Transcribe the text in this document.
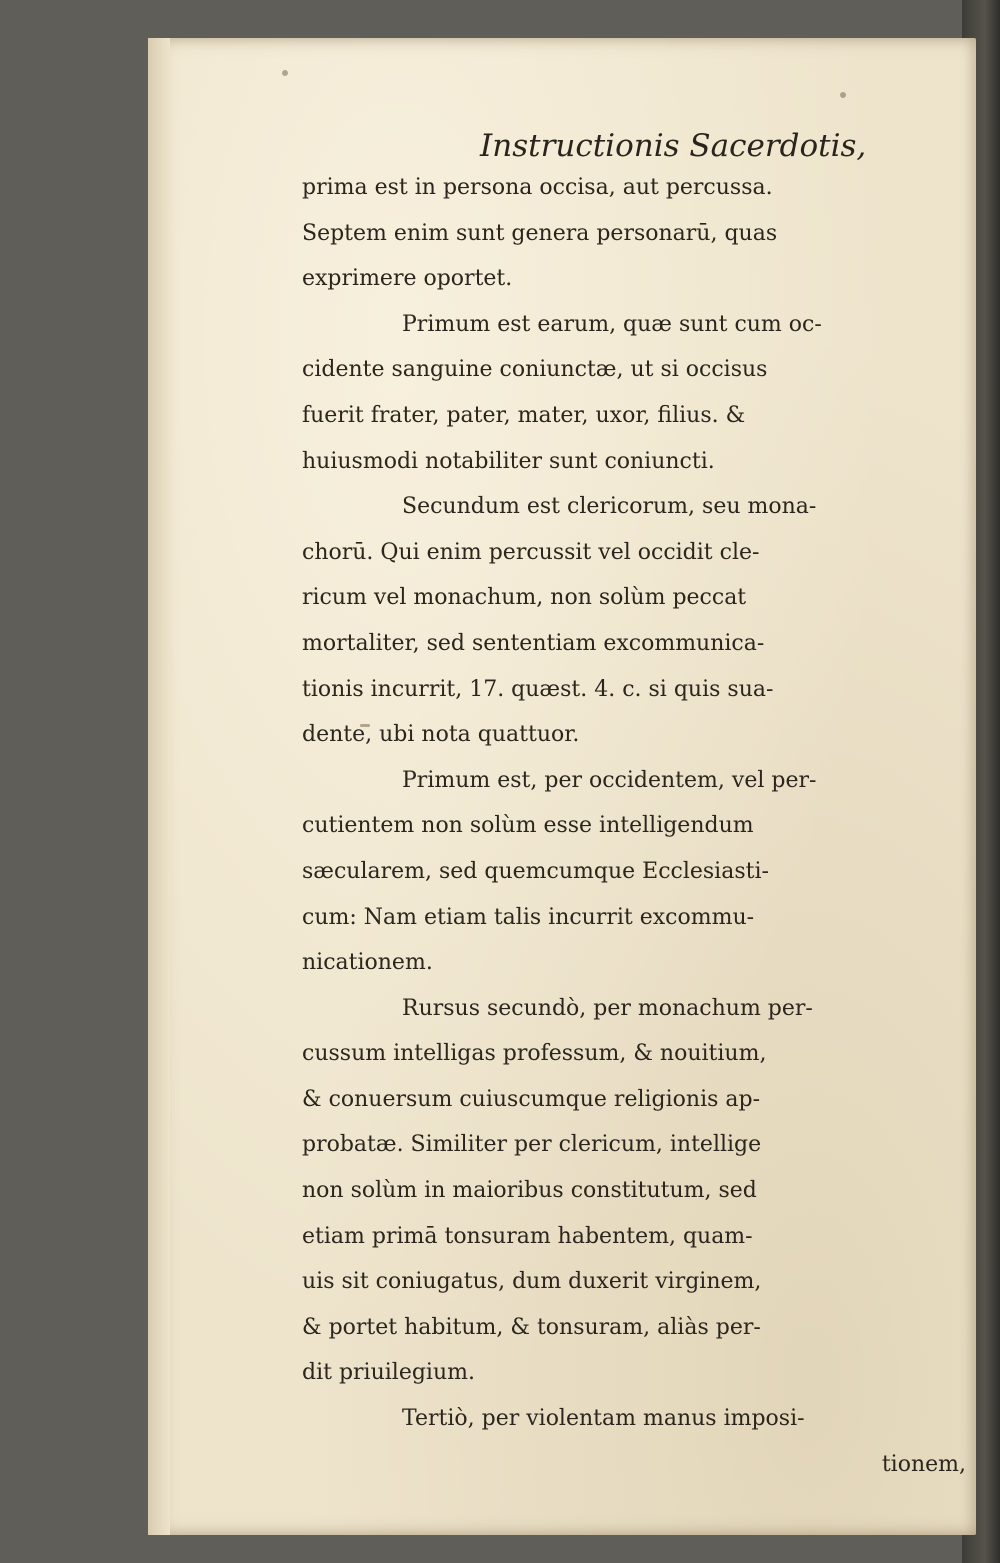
Instructionis Sacerdotis,
prima est in persona occisa, aut percussa.
Septem enim sunt genera personarū, quas
exprimere oportet.
Primum est earum, quæ sunt cum oc-
cidente sanguine coniunctæ, ut si occisus
fuerit frater, pater, mater, uxor, filius. &
huiusmodi notabiliter sunt coniuncti.
Secundum est clericorum, seu mona-
chorū. Qui enim percussit vel occidit cle-
ricum vel monachum, non solùm peccat
mortaliter, sed sententiam excommunica-
tionis incurrit, 17. quæst. 4. c. si quis sua-
dente, ubi nota quattuor.
Primum est, per occidentem, vel per-
cutientem non solùm esse intelligendum
sæcularem, sed quemcumque Ecclesiasti-
cum: Nam etiam talis incurrit excommu-
nicationem.
Rursus secundò, per monachum per-
cussum intelligas professum, & nouitium,
& conuersum cuiuscumque religionis ap-
probatæ. Similiter per clericum, intellige
non solùm in maioribus constitutum, sed
etiam primā tonsuram habentem, quam-
uis sit coniugatus, dum duxerit virginem,
& portet habitum, & tonsuram, aliàs per-
dit priuilegium.
Tertiò, per violentam manus imposi-
tionem,
